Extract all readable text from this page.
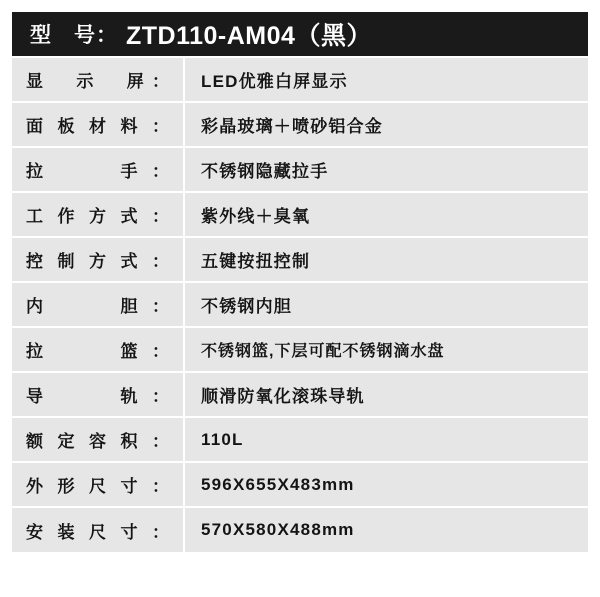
型　号： ZTD110-AM04（黑）	

显　示　屏：	LED优雅白屏显示

面板材料：	彩晶玻璃＋喷砂铝合金

拉　　手：	不锈钢隐藏拉手

工作方式：	紫外线＋臭氧

控制方式：	五键按扭控制

内　　胆：	不锈钢内胆

拉　　篮：	不锈钢篮,下层可配不锈钢滴水盘

导　　轨：	顺滑防氧化滚珠导轨

额定容积：	110L

外形尺寸：	596X655X483mm

安装尺寸：	570X580X488mm
